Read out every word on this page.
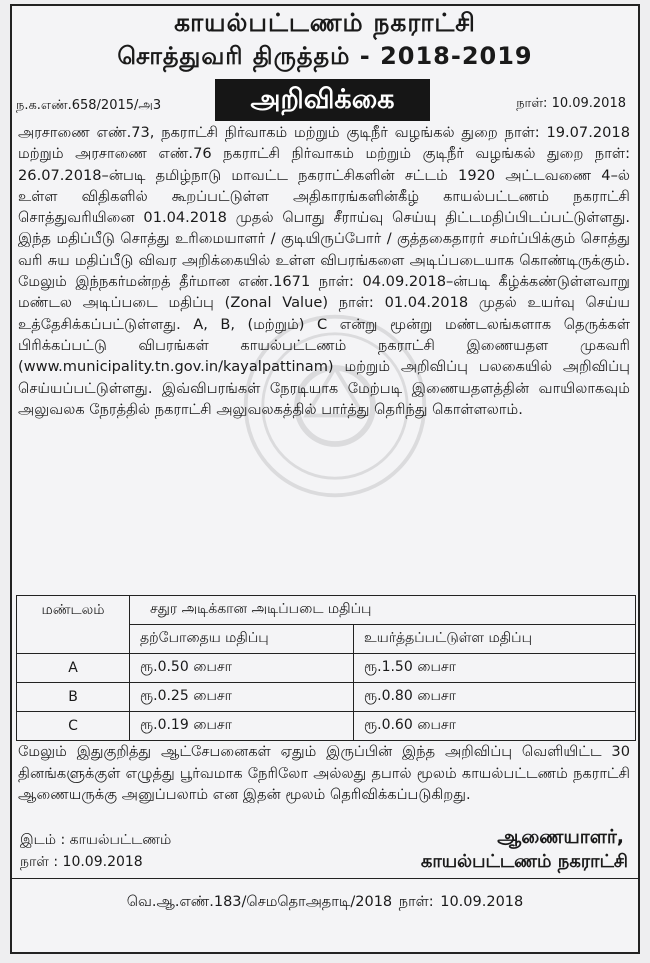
காயல்பட்டணம் நகராட்சி
சொத்துவரி திருத்தம் - 2018-2019
அறிவிக்கை
ந.க.எண்.658/2015/அ3	நாள்: 10.09.2018

அரசாணை எண்.73, நகராட்சி நிர்வாகம் மற்றும் குடிநீர் வழங்கல் துறை நாள்: 19.07.2018 மற்றும் அரசாணை எண்.76 நகராட்சி நிர்வாகம் மற்றும் குடிநீர் வழங்கல் துறை நாள்: 26.07.2018–ன்படி தமிழ்நாடு மாவட்ட நகராட்சிகளின் சட்டம் 1920 அட்டவணை 4–ல் உள்ள விதிகளில் கூறப்பட்டுள்ள அதிகாரங்களின்கீழ் காயல்பட்டணம் நகராட்சி சொத்துவரியினை 01.04.2018 முதல் பொது சீராய்வு செய்யு திட்டமதிப்பிடப்பட்டுள்ளது. இந்த மதிப்பீடு சொத்து உரிமையாளர் / குடியிருப்போர் / குத்தகைதாரர் சமர்ப்பிக்கும் சொத்து வரி சுய மதிப்பீடு விவர அறிக்கையில் உள்ள விபரங்களை அடிப்படையாக கொண்டிருக்கும். மேலும் இந்நகர்மன்றத் தீர்மான எண்.1671 நாள்: 04.09.2018–ன்படி கீழ்க்கண்டுள்ளவாறு மண்டல அடிப்படை மதிப்பு (Zonal Value) நாள்: 01.04.2018 முதல் உயர்வு செய்ய உத்தேசிக்கப்பட்டுள்ளது. A, B, (மற்றும்) C என்று மூன்று மண்டலங்களாக தெருக்கள் பிரிக்கப்பட்டு விபரங்கள் காயல்பட்டணம் நகராட்சி இணையதள முகவரி (www.municipality.tn.gov.in/kayalpattinam) மற்றும் அறிவிப்பு பலகையில் அறிவிப்பு செய்யப்பட்டுள்ளது. இவ்விபரங்கள் நேரடியாக மேற்படி இணையதளத்தின் வாயிலாகவும் அலுவலக நேரத்தில் நகராட்சி அலுவலகத்தில் பார்த்து தெரிந்து கொள்ளலாம்.

மண்டலம்	சதுர அடிக்கான அடிப்படை மதிப்பு	
	தற்போதைய மதிப்பு	உயர்த்தப்பட்டுள்ள மதிப்பு
A	ரூ.0.50 பைசா	ரூ.1.50 பைசா
B	ரூ.0.25 பைசா	ரூ.0.80 பைசா
C	ரூ.0.19 பைசா	ரூ.0.60 பைசா

மேலும் இதுகுறித்து ஆட்சேபனைகள் ஏதும் இருப்பின் இந்த அறிவிப்பு வெளியிட்ட 30 தினங்களுக்குள் எழுத்து பூர்வமாக நேரிலோ அல்லது தபால் மூலம் காயல்பட்டணம் நகராட்சி ஆணையருக்கு அனுப்பலாம் என இதன் மூலம் தெரிவிக்கப்படுகிறது.

இடம் : காயல்பட்டணம்
நாள் : 10.09.2018
ஆணையாளர்,
காயல்பட்டணம் நகராட்சி
வெ.ஆ.எண்.183/செமதொஅதாடி/2018 நாள்: 10.09.2018
